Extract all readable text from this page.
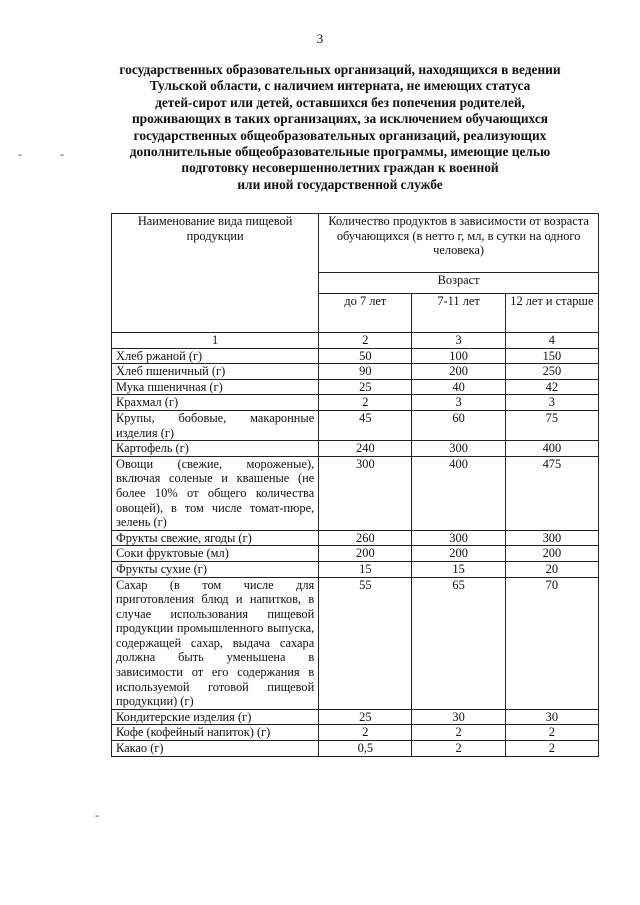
3
-	-
-
государственных образовательных организаций, находящихся в ведении
Тульской области, с наличием интерната, не имеющих статуса
детей-сирот или детей, оставшихся без попечения родителей,
проживающих в таких организациях, за исключением обучающихся
государственных общеобразовательных организаций, реализующих
дополнительные общеобразовательные программы, имеющие целью
подготовку несовершеннолетних граждан к военной
или иной государственной службе
Наименование вида пищевой продукции	Количество продуктов в зависимости от возраста обучающихся (в нетто г, мл, в сутки на одного человека)		
	Возраст		
	до 7 лет	7-11 лет	12 лет и старше
1	2	3	4
Хлеб ржаной (г)	50	100	150
Хлеб пшеничный (г)	90	200	250
Мука пшеничная (г)	25	40	42
Крахмал (г)	2	3	3
Крупы, бобовые, макаронные изделия (г)	45	60	75
Картофель (г)	240	300	400
Овощи (свежие, мороженые), включая соленые и квашеные (не более 10% от общего количества овощей), в том числе томат-пюре, зелень (г)	300	400	475
Фрукты свежие, ягоды (г)	260	300	300
Соки фруктовые (мл)	200	200	200
Фрукты сухие (г)	15	15	20
Сахар (в том числе для приготовления блюд и напитков, в случае использования пищевой продукции промышленного выпуска, содержащей сахар, выдача сахара должна быть уменьшена в зависимости от его содержания в используемой готовой пищевой продукции) (г)	55	65	70
Кондитерские изделия (г)	25	30	30
Кофе (кофейный напиток) (г)	2	2	2
Какао (г)	0,5	2	2
